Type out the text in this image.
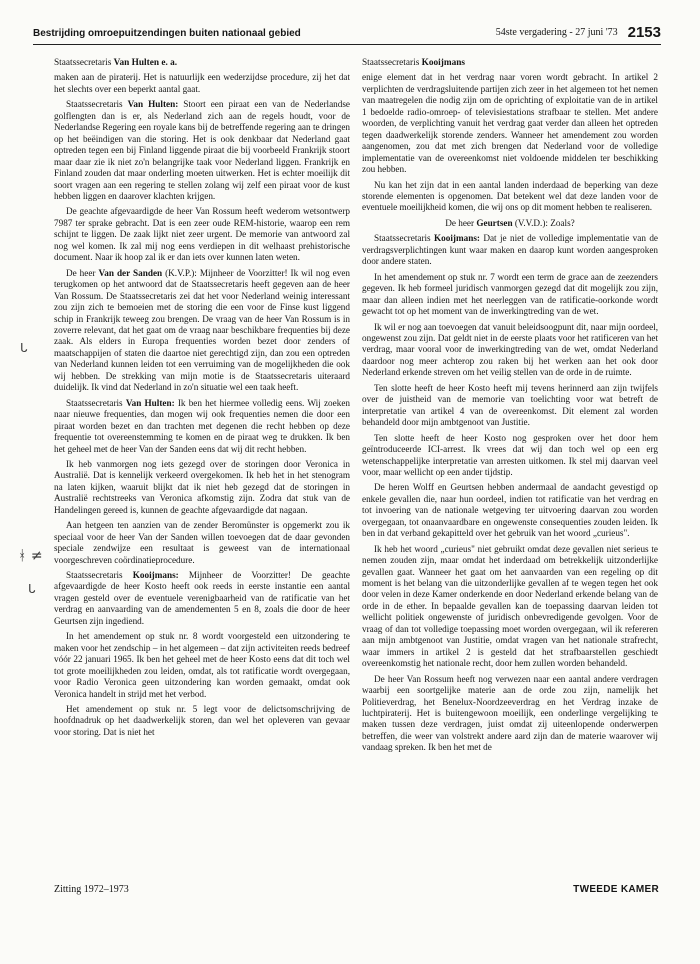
Bestrijding omroepuitzendingen buiten nationaal gebied	54ste vergadering - 27 juni '73 2153
ᒐ
ᚼ ≠
ᒐ
Staatssecretaris Van Hulten e. a.

maken aan de piraterij. Het is natuurlijk een wederzijdse procedure, zij het dat het slechts over een beperkt aantal gaat.

Staatssecretaris Van Hulten: Stoort een piraat een van de Nederlandse golflengten dan is er, als Nederland zich aan de regels houdt, voor de Nederlandse Regering een royale kans bij de betreffende regering aan te dringen op het beëindigen van die storing. Het is ook denkbaar dat Nederland gaat optreden tegen een bij Finland liggende piraat die bij voorbeeld Frankrijk stoort maar daar zie ik niet zo'n belangrijke taak voor Nederland liggen. Frankrijk en Finland zouden dat maar onderling moeten uitwerken. Het is echter moeilijk dit soort vragen aan een regering te stellen zolang wij zelf een piraat voor de kust hebben liggen en daarover klachten krijgen.

De geachte afgevaardigde de heer Van Rossum heeft wederom wetsontwerp 7987 ter sprake gebracht. Dat is een zeer oude REM-historie, waarop een rem schijnt te liggen. De zaak lijkt niet zeer urgent. De memorie van antwoord zal nog wel komen. Ik zal mij nog eens verdiepen in dit welhaast prehistorische document. Naar ik hoop zal ik er dan iets over kunnen laten weten.

De heer Van der Sanden (K.V.P.): Mijnheer de Voorzitter! Ik wil nog even terugkomen op het antwoord dat de Staatssecretaris heeft gegeven aan de heer Van Rossum. De Staatssecretaris zei dat het voor Nederland weinig interessant zou zijn zich te bemoeien met de storing die een voor de Finse kust liggend schip in Frankrijk teweeg zou brengen. De vraag van de heer Van Rossum is in zoverre relevant, dat het gaat om de vraag naar beschikbare frequenties bij deze zaak. Als elders in Europa frequenties worden bezet door zenders of maatschappijen of staten die daartoe niet gerechtigd zijn, dan zou een optreden van Nederland kunnen leiden tot een verruiming van de mogelijkheden die ook wij hebben. De strekking van mijn motie is de Staatssecretaris uiteraard duidelijk. Ik vind dat Nederland in zo'n situatie wel een taak heeft.

Staatssecretaris Van Hulten: Ik ben het hiermee volledig eens. Wij zoeken naar nieuwe frequenties, dan mogen wij ook frequenties nemen die door een piraat worden bezet en dan trachten met degenen die recht hebben op deze frequentie tot overeenstemming te komen en de piraat weg te drukken. Ik ben het geheel met de heer Van der Sanden eens dat wij dit recht hebben.

Ik heb vanmorgen nog iets gezegd over de storingen door Veronica in Australië. Dat is kennelijk verkeerd overgekomen. Ik heb het in het stenogram na laten kijken, waaruit blijkt dat ik niet heb gezegd dat de storingen in Australië rechtstreeks van Veronica afkomstig zijn. Zodra dat stuk van de Handelingen gereed is, kunnen de geachte afgevaardigde dat nagaan.

Aan hetgeen ten aanzien van de zender Beromünster is opgemerkt zou ik speciaal voor de heer Van der Sanden willen toevoegen dat de daar gevonden speciale zendwijze een resultaat is geweest van de internationaal voorgeschreven coördinatieprocedure.

Staatssecretaris Kooijmans: Mijnheer de Voorzitter! De geachte afgevaardigde de heer Kosto heeft ook reeds in eerste instantie een aantal vragen gesteld over de eventuele verenigbaarheid van de ratificatie van het verdrag en aanvaarding van de amendementen 5 en 8, zoals die door de heer Geurtsen zijn ingediend.

In het amendement op stuk nr. 8 wordt voorgesteld een uitzondering te maken voor het zendschip – in het algemeen – dat zijn activiteiten reeds bedreef vóór 22 januari 1965. Ik ben het geheel met de heer Kosto eens dat dit toch wel tot grote moeilijkheden zou leiden, omdat, als tot ratificatie wordt overgegaan, voor Radio Veronica geen uitzondering kan worden gemaakt, omdat ook Veronica handelt in strijd met het verbod.

Het amendement op stuk nr. 5 legt voor de delictsomschrijving de hoofdnadruk op het daadwerkelijk storen, dan wel het opleveren van gevaar voor storing. Dat is niet het

Staatssecretaris Kooijmans

enige element dat in het verdrag naar voren wordt gebracht. In artikel 2 verplichten de verdragsluitende partijen zich zeer in het algemeen tot het nemen van maatregelen die nodig zijn om de oprichting of exploitatie van de in artikel 1 bedoelde radio-omroep- of televisiestations strafbaar te stellen. Met andere woorden, de verplichting vanuit het verdrag gaat verder dan alleen het optreden tegen daadwerkelijk storende zenders. Wanneer het amendement zou worden aangenomen, zou dat met zich brengen dat Nederland voor de volledige implementatie van de overeenkomst niet voldoende middelen ter beschikking zou hebben.

Nu kan het zijn dat in een aantal landen inderdaad de beperking van deze storende elementen is opgenomen. Dat betekent wel dat deze landen voor de eventuele moeilijkheid komen, die wij ons op dit moment hebben te realiseren.

De heer Geurtsen (V.V.D.): Zoals?

Staatssecretaris Kooijmans: Dat je niet de volledige implementatie van de verdragsverplichtingen kunt waar maken en daarop kunt worden aangesproken door andere staten.

In het amendement op stuk nr. 7 wordt een term de grace aan de zeezenders gegeven. Ik heb formeel juridisch vanmorgen gezegd dat dit mogelijk zou zijn, maar dan alleen indien met het neerleggen van de ratificatie-oorkonde wordt gewacht tot op het moment van de inwerkingtreding van de wet.

Ik wil er nog aan toevoegen dat vanuit beleidsoogpunt dit, naar mijn oordeel, ongewenst zou zijn. Dat geldt niet in de eerste plaats voor het ratificeren van het verdrag, maar vooral voor de inwerkingtreding van de wet, omdat Nederland daardoor nog meer achterop zou raken bij het werken aan het ook door Nederland erkende streven om het veilig stellen van de orde in de ruimte.

Ten slotte heeft de heer Kosto heeft mij tevens herinnerd aan zijn twijfels over de juistheid van de memorie van toelichting voor wat betreft de interpretatie van artikel 4 van de overeenkomst. Dit element zal worden behandeld door mijn ambtgenoot van Justitie.

Ten slotte heeft de heer Kosto nog gesproken over het door hem geïntroduceerde ICI-arrest. Ik vrees dat wij dan toch wel op een erg wetenschappelijke interpretatie van arresten uitkomen. Ik stel mij daarvan veel voor, maar wellicht op een ander tijdstip.

De heren Wolff en Geurtsen hebben andermaal de aandacht gevestigd op enkele gevallen die, naar hun oordeel, indien tot ratificatie van het verdrag en tot invoering van de nationale wetgeving ter uitvoering daarvan zou worden overgegaan, tot onaanvaardbare en ongewenste consequenties zouden leiden. Ik ben in dat verband gekapitteld over het gebruik van het woord „curieus".

Ik heb het woord „curieus" niet gebruikt omdat deze gevallen niet serieus te nemen zouden zijn, maar omdat het inderdaad om betrekkelijk uitzonderlijke gevallen gaat. Wanneer het gaat om het aanvaarden van een regeling op dit moment is het belang van die uitzonderlijke gevallen af te wegen tegen het ook door velen in deze Kamer onderkende en door Nederland erkende belang van de orde in de ether. In bepaalde gevallen kan de toepassing daarvan leiden tot wellicht politiek ongewenste of juridisch onbevredigende gevolgen. Voor de vraag of dan tot volledige toepassing moet worden overgegaan, wil ik refereren aan mijn ambtgenoot van Justitie, omdat vragen van het nationale strafrecht, waar immers in artikel 2 is gesteld dat het strafbaarstellen geschiedt overeenkomstig het nationale recht, door hem zullen worden behandeld.

De heer Van Rossum heeft nog verwezen naar een aantal andere verdragen waarbij een soortgelijke materie aan de orde zou zijn, namelijk het Politieverdrag, het Benelux-Noordzeeverdrag en het Verdrag inzake de luchtpiraterij. Het is buitengewoon moeilijk, een onderlinge vergelijking te maken tussen deze verdragen, juist omdat zij uiteenlopende onderwerpen betreffen, die weer van volstrekt andere aard zijn dan de materie waarover wij vandaag spreken. Ik ben het met de

Zitting 1972–1973	TWEEDE KAMER
